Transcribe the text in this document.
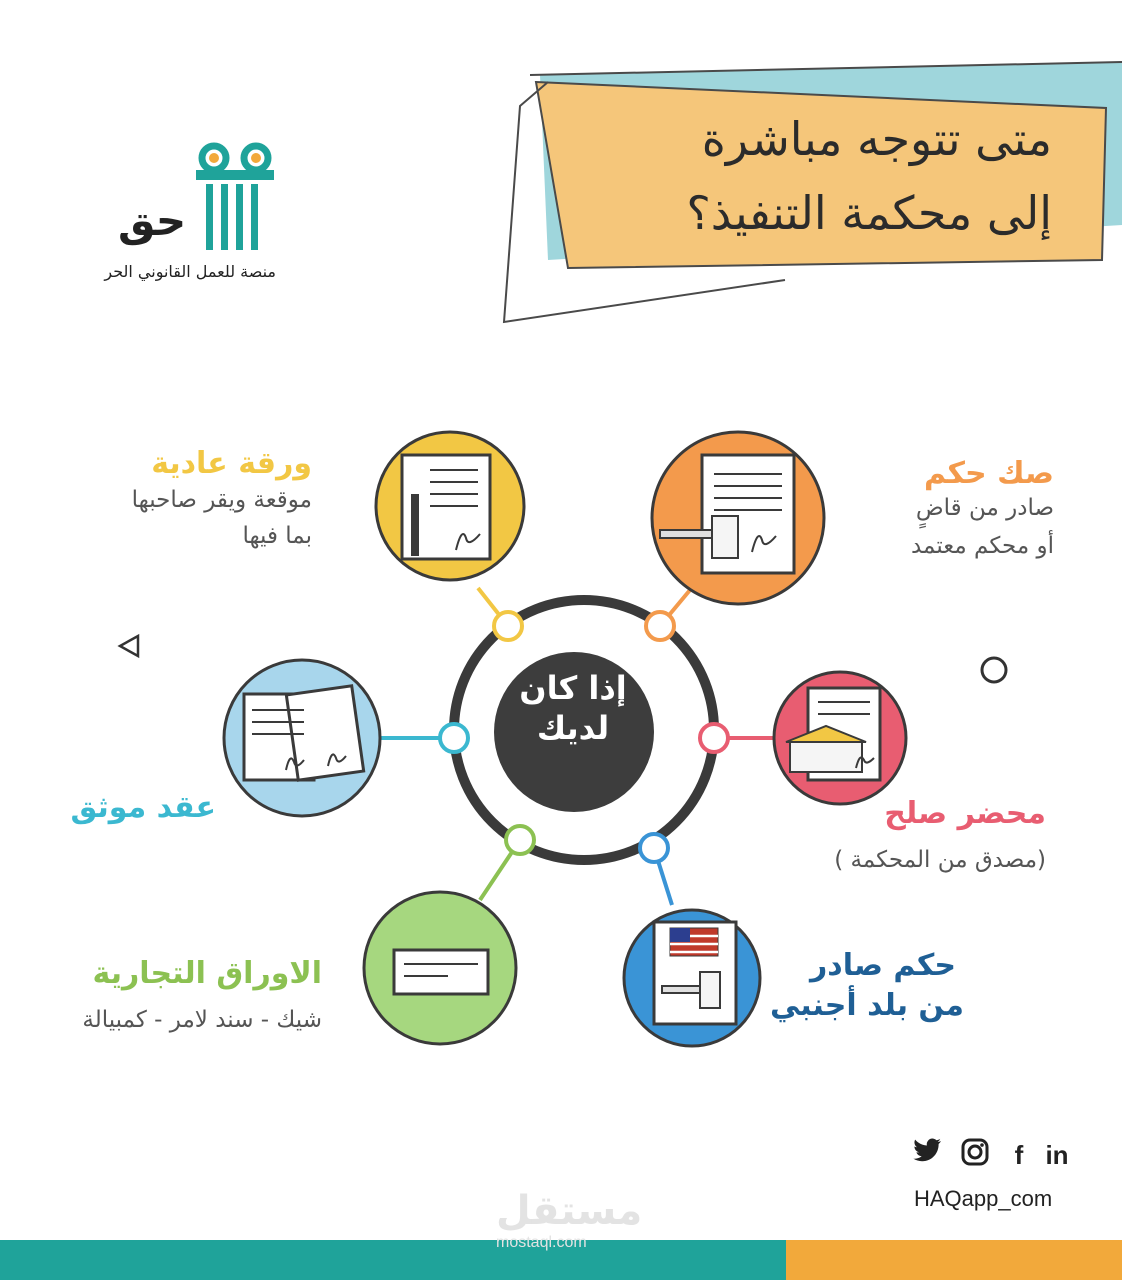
حق
منصة للعمل القانوني الحر
متى تتوجه مباشرة
إلى محكمة التنفيذ؟
إذا كان
لديك
صك حكم
صادر من قاضٍ
أو محكم معتمد
ورقة عادية
موقعة ويقر صاحبها
بما فيها
محضر صلح
(مصدق من المحكمة )
عقد موثق
حكم صادر
من بلد أجنبي
الاوراق التجارية
شيك - سند لامر - كمبيالة
f in
HAQapp_com
مستقل
mostaql.com
